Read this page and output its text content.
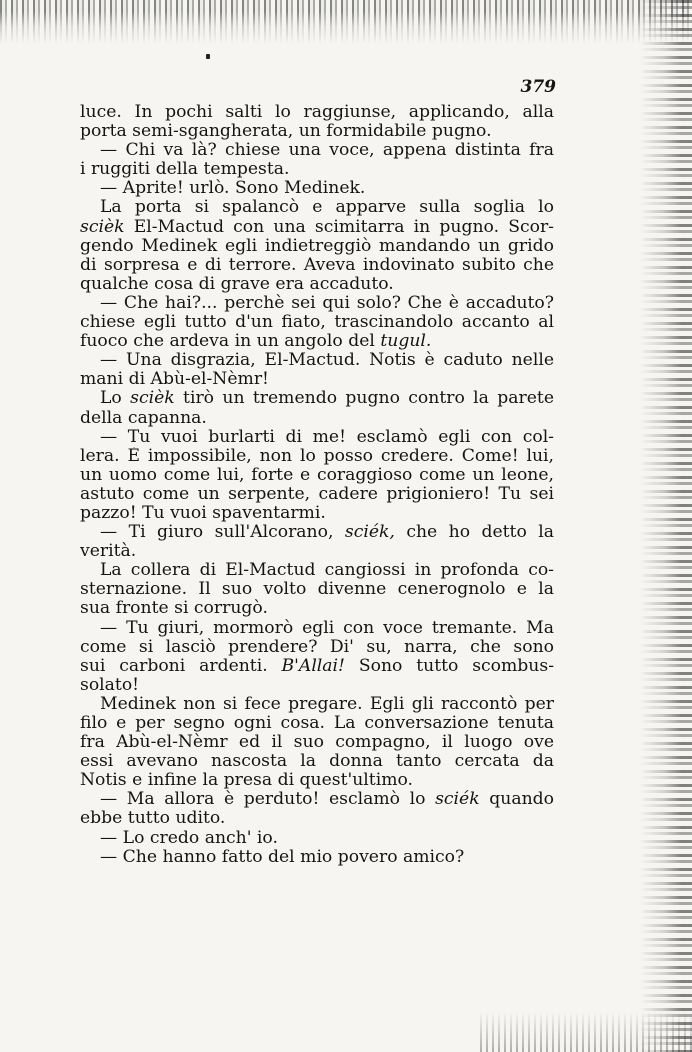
379
luce. In pochi salti lo raggiunse, applicando, alla
porta semi-sgangherata, un formidabile pugno.
— Chi va là? chiese una voce, appena distinta fra
i ruggiti della tempesta.
— Aprite! urlò. Sono Medinek.
La porta si spalancò e apparve sulla soglia lo
scièk El-Mactud con una scimitarra in pugno. Scor-
gendo Medinek egli indietreggiò mandando un grido
di sorpresa e di terrore. Aveva indovinato subito che
qualche cosa di grave era accaduto.
— Che hai?... perchè sei qui solo? Che è accaduto?
chiese egli tutto d'un fiato, trascinandolo accanto al
fuoco che ardeva in un angolo del tugul.
— Una disgrazia, El-Mactud. Notis è caduto nelle
mani di Abù-el-Nèmr!
Lo scièk tirò un tremendo pugno contro la parete
della capanna.
— Tu vuoi burlarti di me! esclamò egli con col-
lera. È impossibile, non lo posso credere. Come! lui,
un uomo come lui, forte e coraggioso come un leone,
astuto come un serpente, cadere prigioniero! Tu sei
pazzo! Tu vuoi spaventarmi.
— Ti giuro sull'Alcorano, sciék, che ho detto la
verità.
La collera di El-Mactud cangiossi in profonda co-
sternazione. Il suo volto divenne cenerognolo e la
sua fronte si corrugò.
— Tu giuri, mormorò egli con voce tremante. Ma
come si lasciò prendere? Di' su, narra, che sono
sui carboni ardenti. B'Allai! Sono tutto scombus-
solato!
Medinek non si fece pregare. Egli gli raccontò per
filo e per segno ogni cosa. La conversazione tenuta
fra Abù-el-Nèmr ed il suo compagno, il luogo ove
essi avevano nascosta la donna tanto cercata da
Notis e infine la presa di quest'ultimo.
— Ma allora è perduto! esclamò lo sciék quando
ebbe tutto udito.
— Lo credo anch' io.
— Che hanno fatto del mio povero amico?
